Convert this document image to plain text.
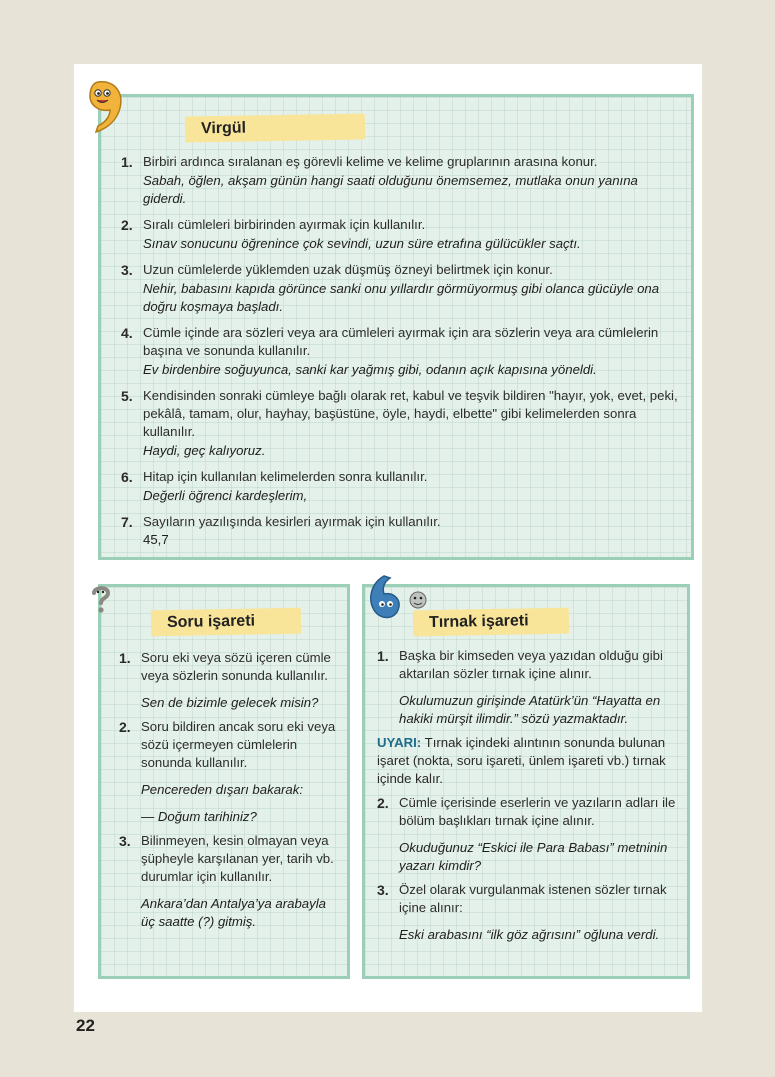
Virgül
1. Birbiri ardınca sıralanan eş görevli kelime ve kelime gruplarının arasına konur.
Sabah, öğlen, akşam günün hangi saati olduğunu önemsemez, mutlaka onun yanına giderdi.
2. Sıralı cümleleri birbirinden ayırmak için kullanılır.
Sınav sonucunu öğrenince çok sevindi, uzun süre etrafına gülücükler saçtı.
3. Uzun cümlelerde yüklemden uzak düşmüş özneyi belirtmek için konur.
Nehir, babasını kapıda görünce sanki onu yıllardır görmüyormuş gibi olanca gücüyle ona doğru koşmaya başladı.
4. Cümle içinde ara sözleri veya ara cümleleri ayırmak için ara sözlerin veya ara cümlelerin başına ve sonunda kullanılır.
Ev birdenbire soğuyunca, sanki kar yağmış gibi, odanın açık kapısına yöneldi.
5. Kendisinden sonraki cümleye bağlı olarak ret, kabul ve teşvik bildiren "hayır, yok, evet, peki, pekâlâ, tamam, olur, hayhay, başüstüne, öyle, haydi, elbette" gibi kelimelerden sonra kullanılır.
Haydi, geç kalıyoruz.
6. Hitap için kullanılan kelimelerden sonra kullanılır.
Değerli öğrenci kardeşlerim,
7. Sayıların yazılışında kesirleri ayırmak için kullanılır.
45,7
Soru işareti
1. Soru eki veya sözü içeren cümle veya sözlerin sonunda kullanılır.
Sen de bizimle gelecek misin?
2. Soru bildiren ancak soru eki veya sözü içermeyen cümlelerin sonunda kullanılır.
Pencereden dışarı bakarak:
— Doğum tarihiniz?
3. Bilinmeyen, kesin olmayan veya şüpheyle karşılanan yer, tarih vb. durumlar için kullanılır.
Ankara’dan Antalya’ya arabayla üç saatte (?) gitmiş.
Tırnak işareti
1. Başka bir kimseden veya yazıdan olduğu gibi aktarılan sözler tırnak içine alınır.
Okulumuzun girişinde Atatürk’ün “Hayatta en hakiki mürşit ilimdir.” sözü yazmaktadır.
UYARI: Tırnak içindeki alıntının sonunda bulunan işaret (nokta, soru işareti, ünlem işareti vb.) tırnak içinde kalır.
2. Cümle içerisinde eserlerin ve yazıların adları ile bölüm başlıkları tırnak içine alınır.
Okuduğunuz “Eskici ile Para Babası” metninin yazarı kimdir?
3. Özel olarak vurgulanmak istenen sözler tırnak içine alınır:
Eski arabasını “ilk göz ağrısını” oğluna verdi.
22
